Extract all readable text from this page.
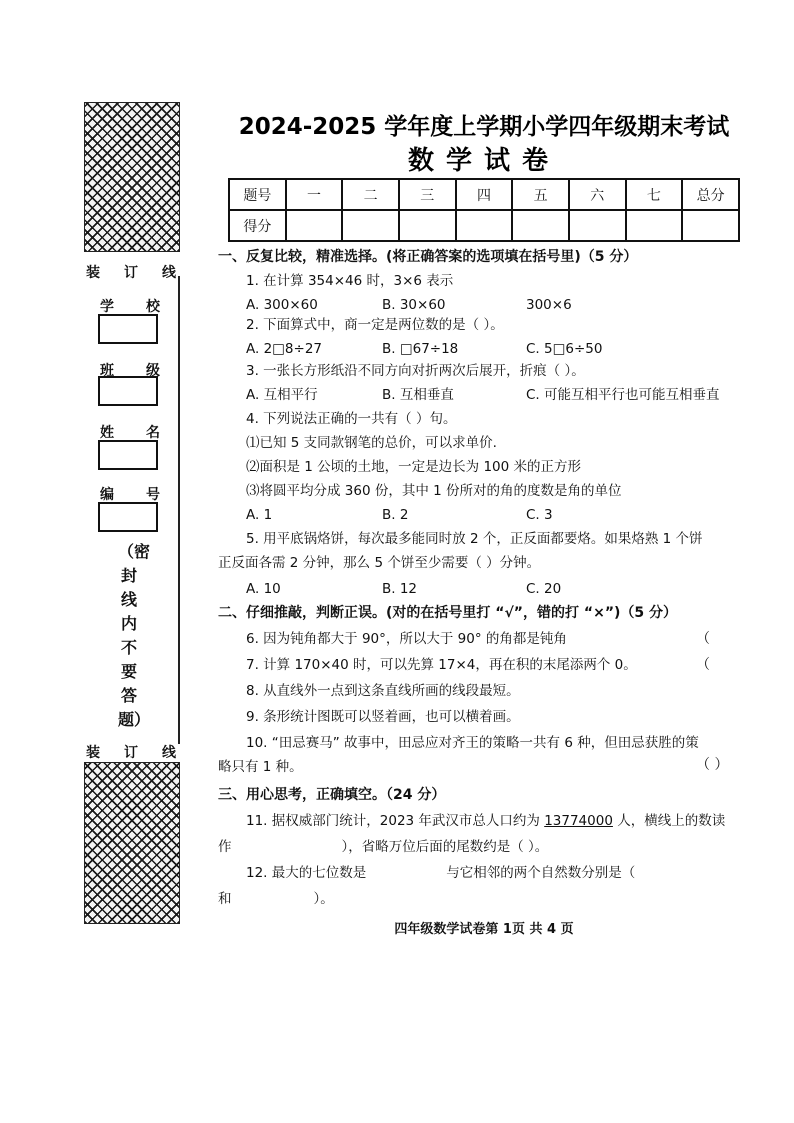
装 订 线
学 校
班 级
姓 名
编 号
（密封线内不要答题）
装 订 线
2024-2025 学年度上学期小学四年级期末考试
数学试卷
题号	一	二	三	四	五	六	七	总分
得分								
一、反复比较，精准选择。(将正确答案的选项填在括号里)（5 分）
1. 在计算 354×46 时，3×6 表示
A. 300×60	B. 30×60	300×6
2. 下面算式中，商一定是两位数的是（ ）。
A. 2□8÷27	B. □67÷18	C. 5□6÷50
3. 一张长方形纸沿不同方向对折两次后展开，折痕（ ）。
A. 互相平行	B. 互相垂直	C. 可能互相平行也可能互相垂直
4. 下列说法正确的一共有（ ）句。
⑴已知 5 支同款钢笔的总价，可以求单价.
⑵面积是 1 公顷的土地，一定是边长为 100 米的正方形
⑶将圆平均分成 360 份，其中 1 份所对的角的度数是角的单位
A. 1	B. 2	C. 3
5. 用平底锅烙饼，每次最多能同时放 2 个，正反面都要烙。如果烙熟 1 个饼
正反面各需 2 分钟，那么 5 个饼至少需要（ ）分钟。
A. 10	B. 12	C. 20
二、仔细推敲，判断正误。(对的在括号里打 “√”，错的打 “×”)（5 分）
6. 因为钝角都大于 90°，所以大于 90° 的角都是钝角	（
7. 计算 170×40 时，可以先算 17×4，再在积的末尾添两个 0。	（
8. 从直线外一点到这条直线所画的线段最短。
9. 条形统计图既可以竖着画，也可以横着画。
10. “田忌赛马” 故事中，田忌应对齐王的策略一共有 6 种，但田忌获胜的策
略只有 1 种。	（ ）
三、用心思考，正确填空。（24 分）
11. 据权威部门统计，2023 年武汉市总人口约为 13774000 人，横线上的数读
作	），省略万位后面的尾数约是（ ）。
12. 最大的七位数是	与它相邻的两个自然数分别是（
和	）。
四年级数学试卷第 1页 共 4 页
